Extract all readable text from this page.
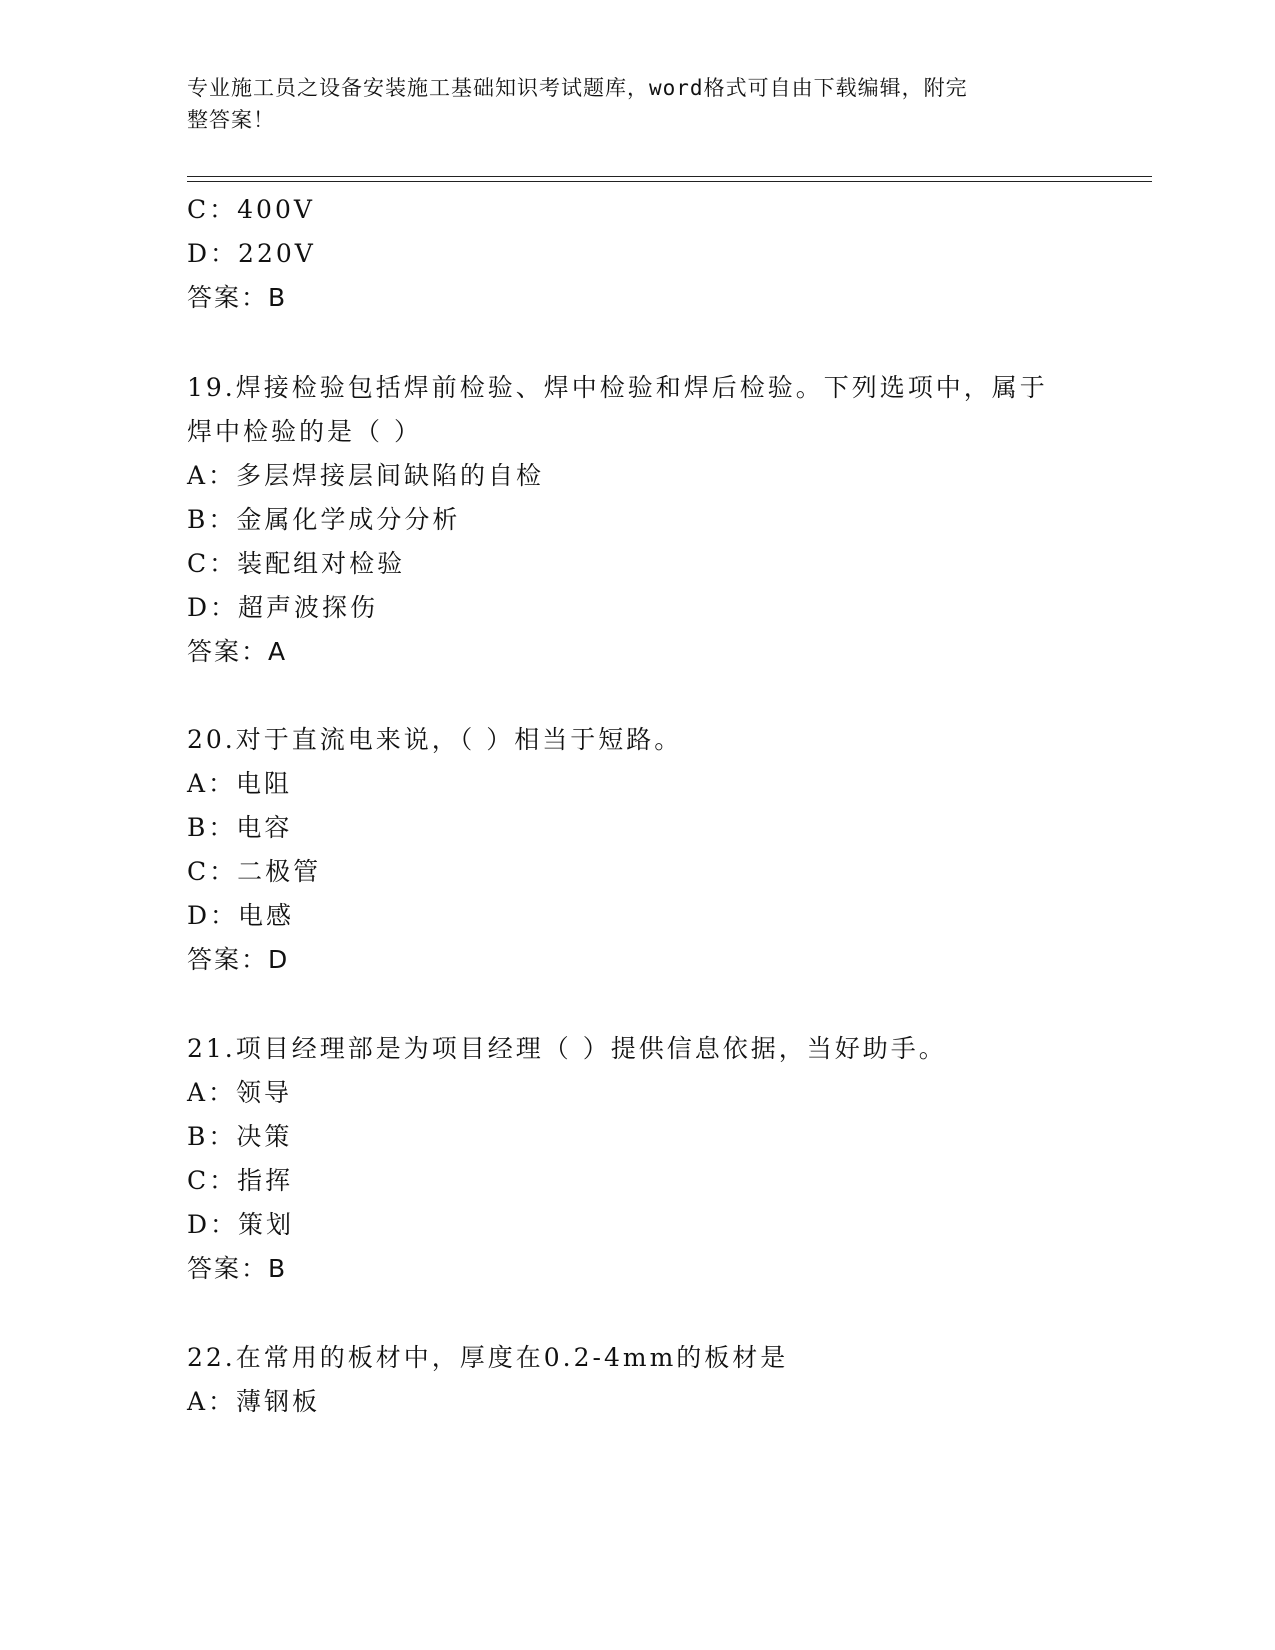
专业施工员之设备安装施工基础知识考试题库，word格式可自由下载编辑，附完
整答案！
C：400V
D：220V
答案：B
19.焊接检验包括焊前检验、焊中检验和焊后检验。下列选项中，属于
焊中检验的是（ ）
A：多层焊接层间缺陷的自检
B：金属化学成分分析
C：装配组对检验
D：超声波探伤
答案：A
20.对于直流电来说，（ ）相当于短路。
A：电阻
B：电容
C：二极管
D：电感
答案：D
21.项目经理部是为项目经理（ ）提供信息依据，当好助手。
A：领导
B：决策
C：指挥
D：策划
答案：B
22.在常用的板材中，厚度在0.2-4mm的板材是
A：薄钢板
